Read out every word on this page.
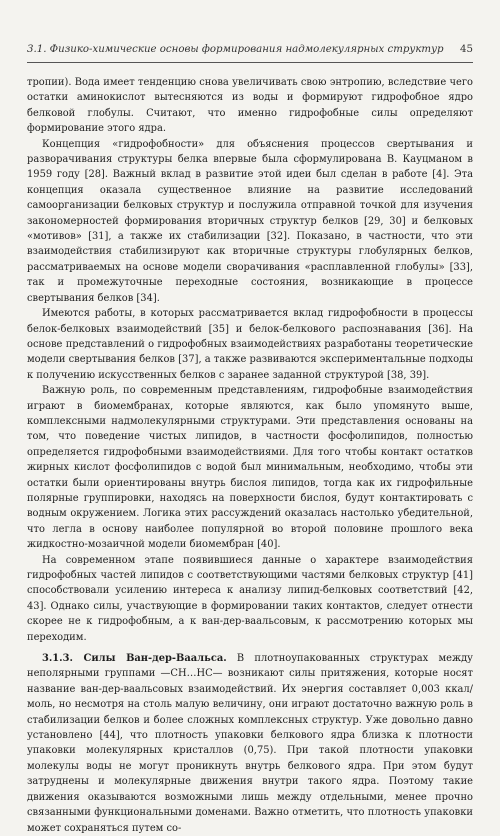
3.1. Физико-химические основы формирования надмолекулярных структур 45

тропии). Вода имеет тенденцию снова увеличивать свою энтропию, вследствие чего остатки аминокислот вытесняются из воды и формируют гидрофобное ядро белковой глобулы. Считают, что именно гидрофобные силы определяют формирование этого ядра.

Концепция «гидрофобности» для объяснения процессов свертывания и разворачивания структуры белка впервые была сформулирована В. Кауцманом в 1959 году [28]. Важный вклад в развитие этой идеи был сделан в работе [4]. Эта концепция оказала существенное влияние на развитие исследований самоорганизации белковых структур и послужила отправной точкой для изучения закономерностей формирования вторичных структур белков [29, 30] и белковых «мотивов» [31], а также их стабилизации [32]. Показано, в частности, что эти взаимодействия стабилизируют как вторичные структуры глобулярных белков, рассматриваемых на основе модели сворачивания «расплавленной глобулы» [33], так и промежуточные переходные состояния, возникающие в процессе свертывания белков [34].

Имеются работы, в которых рассматривается вклад гидрофобности в процессы белок-белковых взаимодействий [35] и белок-белкового распознавания [36]. На основе представлений о гидрофобных взаимодействиях разработаны теоретические модели свертывания белков [37], а также развиваются экспериментальные подходы к получению искусственных белков с заранее заданной структурой [38, 39].

Важную роль, по современным представлениям, гидрофобные взаимодействия играют в биомембранах, которые являются, как было упомянуто выше, комплексными надмолекулярными структурами. Эти представления основаны на том, что поведение чистых липидов, в частности фосфолипидов, полностью определяется гидрофобными взаимодействиями. Для того чтобы контакт остатков жирных кислот фосфолипидов с водой был минимальным, необходимо, чтобы эти остатки были ориентированы внутрь бислоя липидов, тогда как их гидрофильные полярные группировки, находясь на поверхности бислоя, будут контактировать с водным окружением. Логика этих рассуждений оказалась настолько убедительной, что легла в основу наиболее популярной во второй половине прошлого века жидкостно-мозаичной модели биомембран [40].

На современном этапе появившиеся данные о характере взаимодействия гидрофобных частей липидов с соответствующими частями белковых структур [41] способствовали усилению интереса к анализу липид-белковых соответствий [42, 43]. Однако силы, участвующие в формировании таких контактов, следует отнести скорее не к гидрофобным, а к ван-дер-ваальсовым, к рассмотрению которых мы переходим.

3.1.3. Силы Ван-дер-Ваальса. В плотноупакованных структурах между неполярными группами —CH…HC— возникают силы притяжения, которые носят название ван-дер-ваальсовых взаимодействий. Их энергия составляет 0,003 ккал/моль, но несмотря на столь малую величину, они играют достаточно важную роль в стабилизации белков и более сложных комплексных структур. Уже довольно давно установлено [44], что плотность упаковки белкового ядра близка к плотности упаковки молекулярных кристаллов (0,75). При такой плотности упаковки молекулы воды не могут проникнуть внутрь белкового ядра. При этом будут затруднены и молекулярные движения внутри такого ядра. Поэтому такие движения оказываются возможными лишь между отдельными, менее прочно связанными функциональными доменами. Важно отметить, что плотность упаковки может сохраняться путем со-
